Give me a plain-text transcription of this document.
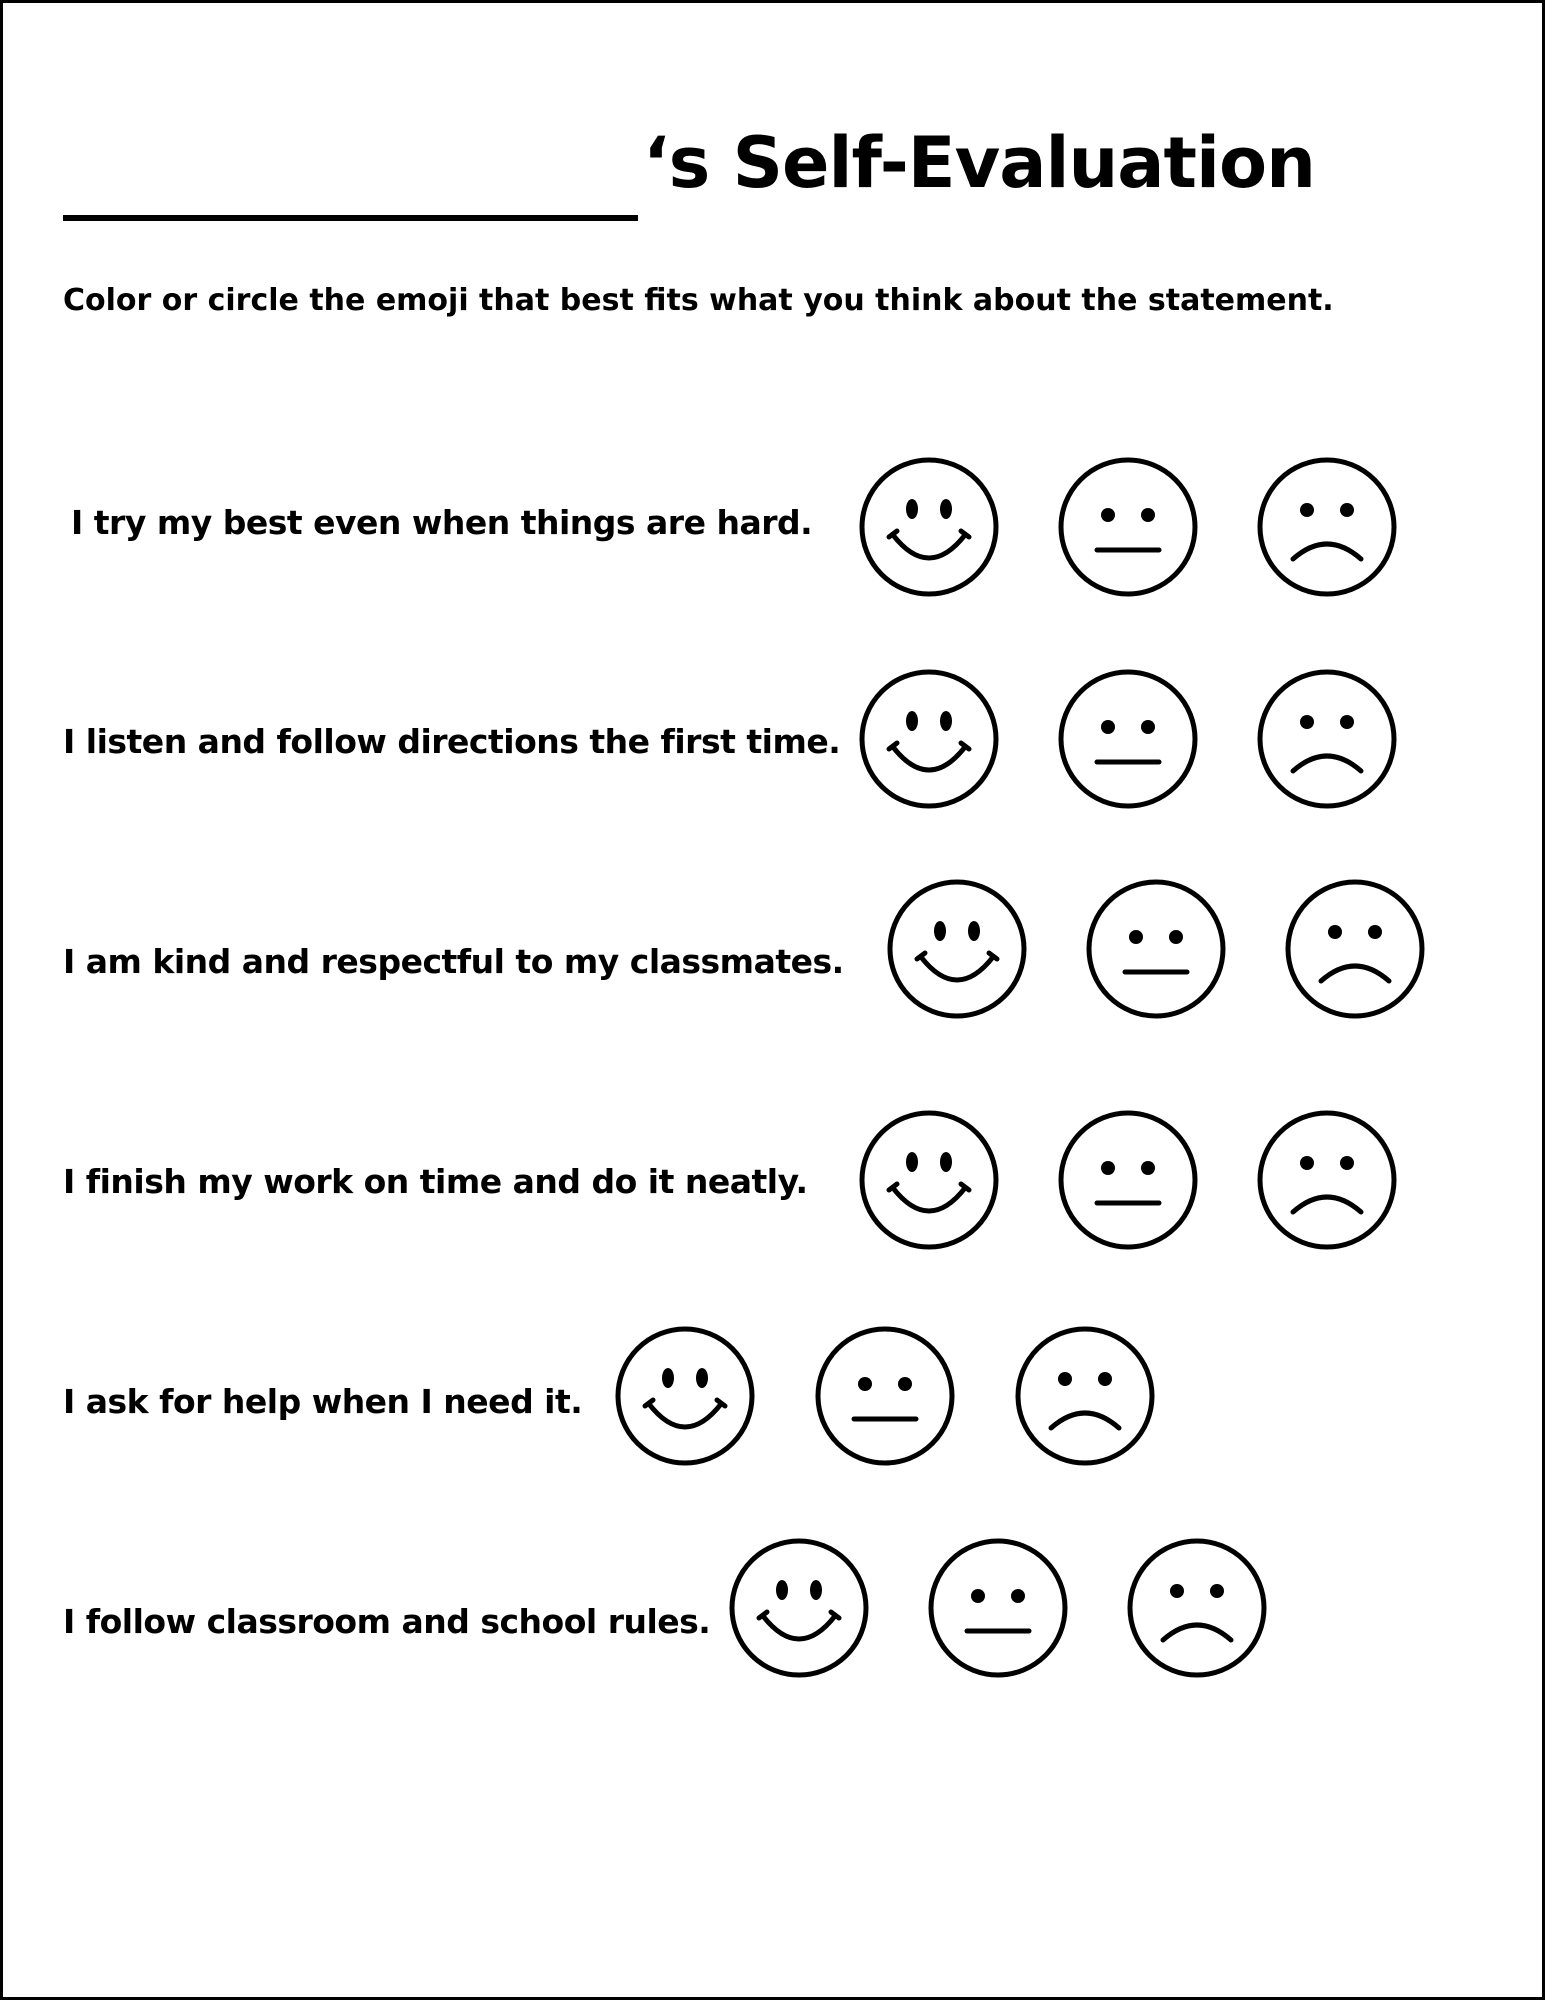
‘s Self-Evaluation
Color or circle the emoji that best fits what you think about the statement.
I try my best even when things are hard.
I listen and follow directions the first time.
I am kind and respectful to my classmates.
I finish my work on time and do it neatly.
I ask for help when I need it.
I follow classroom and school rules.
